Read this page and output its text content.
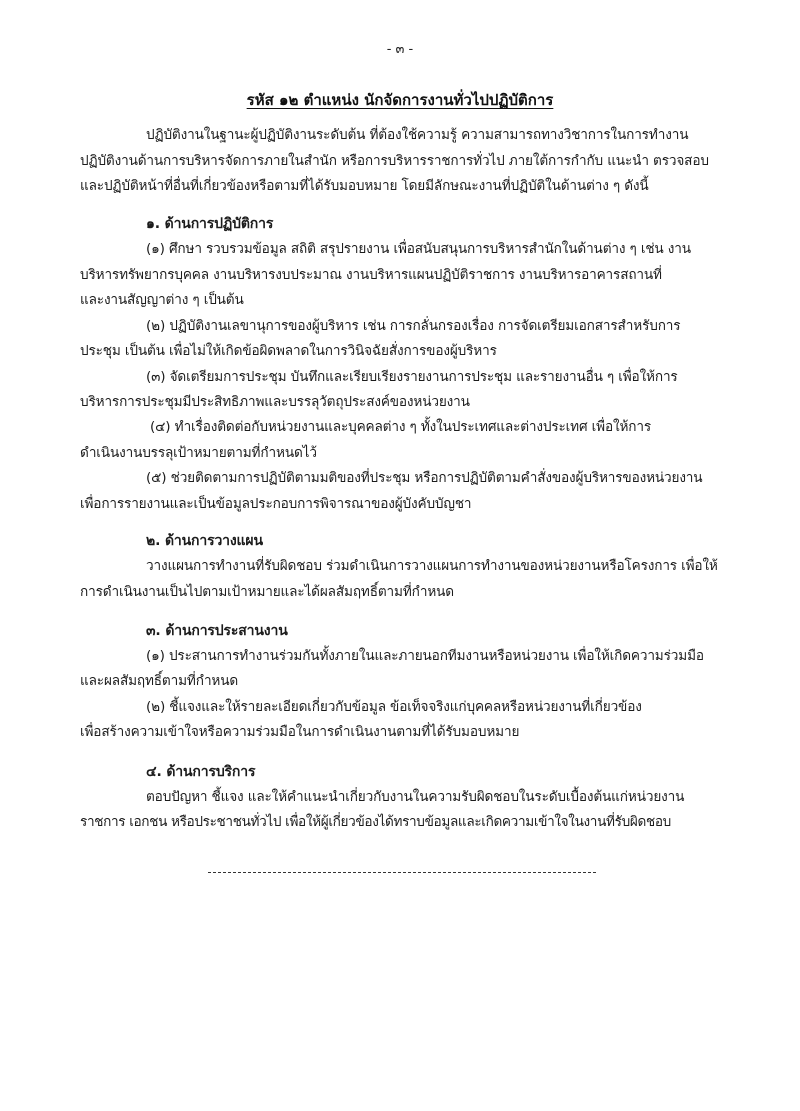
- ๓ -
รหัส ๑๒ ตำแหน่ง นักจัดการงานทั่วไปปฏิบัติการ
ปฏิบัติงานในฐานะผู้ปฏิบัติงานระดับต้น ที่ต้องใช้ความรู้ ความสามารถทางวิชาการในการทำงาน
ปฏิบัติงานด้านการบริหารจัดการภายในสำนัก หรือการบริหารราชการทั่วไป ภายใต้การกำกับ แนะนำ ตรวจสอบ
และปฏิบัติหน้าที่อื่นที่เกี่ยวข้องหรือตามที่ได้รับมอบหมาย โดยมีลักษณะงานที่ปฏิบัติในด้านต่าง ๆ ดังนี้
๑. ด้านการปฏิบัติการ
(๑) ศึกษา รวบรวมข้อมูล สถิติ สรุปรายงาน เพื่อสนับสนุนการบริหารสำนักในด้านต่าง ๆ เช่น งาน
บริหารทรัพยากรบุคคล งานบริหารงบประมาณ งานบริหารแผนปฏิบัติราชการ งานบริหารอาคารสถานที่
และงานสัญญาต่าง ๆ เป็นต้น
(๒) ปฏิบัติงานเลขานุการของผู้บริหาร เช่น การกลั่นกรองเรื่อง การจัดเตรียมเอกสารสำหรับการ
ประชุม เป็นต้น เพื่อไม่ให้เกิดข้อผิดพลาดในการวินิจฉัยสั่งการของผู้บริหาร
(๓) จัดเตรียมการประชุม บันทึกและเรียบเรียงรายงานการประชุม และรายงานอื่น ๆ เพื่อให้การ
บริหารการประชุมมีประสิทธิภาพและบรรลุวัตถุประสงค์ของหน่วยงาน
(๔) ทำเรื่องติดต่อกับหน่วยงานและบุคคลต่าง ๆ ทั้งในประเทศและต่างประเทศ เพื่อให้การ
ดำเนินงานบรรลุเป้าหมายตามที่กำหนดไว้
(๕) ช่วยติดตามการปฏิบัติตามมติของที่ประชุม หรือการปฏิบัติตามคำสั่งของผู้บริหารของหน่วยงาน
เพื่อการรายงานและเป็นข้อมูลประกอบการพิจารณาของผู้บังคับบัญชา
๒. ด้านการวางแผน
วางแผนการทำงานที่รับผิดชอบ ร่วมดำเนินการวางแผนการทำงานของหน่วยงานหรือโครงการ เพื่อให้
การดำเนินงานเป็นไปตามเป้าหมายและได้ผลสัมฤทธิ์ตามที่กำหนด
๓. ด้านการประสานงาน
(๑) ประสานการทำงานร่วมกันทั้งภายในและภายนอกทีมงานหรือหน่วยงาน เพื่อให้เกิดความร่วมมือ
และผลสัมฤทธิ์ตามที่กำหนด
(๒) ชี้แจงและให้รายละเอียดเกี่ยวกับข้อมูล ข้อเท็จจริงแก่บุคคลหรือหน่วยงานที่เกี่ยวข้อง
เพื่อสร้างความเข้าใจหรือความร่วมมือในการดำเนินงานตามที่ได้รับมอบหมาย
๔. ด้านการบริการ
ตอบปัญหา ชี้แจง และให้คำแนะนำเกี่ยวกับงานในความรับผิดชอบในระดับเบื้องต้นแก่หน่วยงาน
ราชการ เอกชน หรือประชาชนทั่วไป เพื่อให้ผู้เกี่ยวข้องได้ทราบข้อมูลและเกิดความเข้าใจในงานที่รับผิดชอบ
